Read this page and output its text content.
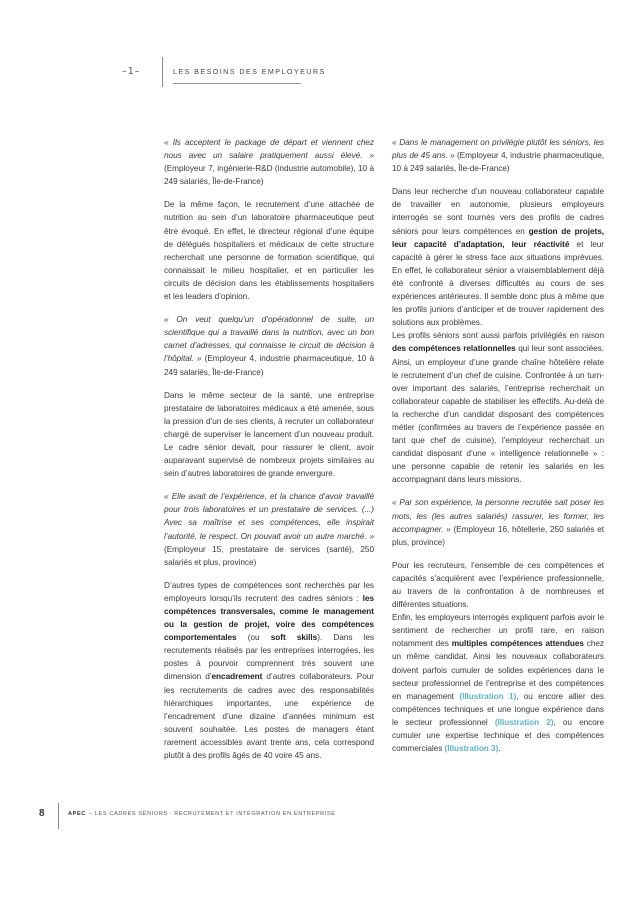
–1–	LES BESOINS DES EMPLOYEURS

« Ils acceptent le package de départ et viennent chez nous avec un salaire pratiquement aussi élevé. » (Employeur 7, ingénierie-R&D (industrie automobile), 10 à 249 salariés, Île-de-France)

De la même façon, le recrutement d’une attachée de nutrition au sein d’un laboratoire pharmaceutique peut être évoqué. En effet, le directeur régional d’une équipe de délégués hospitaliers et médicaux de cette structure recherchait une personne de formation scientifique, qui connaissait le milieu hospitalier, et en particulier les circuits de décision dans les établissements hospitaliers et les leaders d’opinion.

« On veut quelqu’un d’opérationnel de suite, un scientifique qui a travaillé dans la nutrition, avec un bon carnet d’adresses, qui connaisse le circuit de décision à l’hôpital. » (Employeur 4, industrie pharmaceutique, 10 à 249 salariés, Île-de-France)

Dans le même secteur de la santé, une entreprise prestataire de laboratoires médicaux a été amenée, sous la pression d’un de ses clients, à recruter un collaborateur chargé de superviser le lancement d’un nouveau produit. Le cadre sénior devait, pour rassurer le client, avoir auparavant supervisé de nombreux projets similaires au sein d’autres laboratoires de grande envergure.

« Elle avait de l’expérience, et la chance d’avoir travaillé pour trois laboratoires et un prestataire de services. (...) Avec sa maîtrise et ses compétences, elle inspirait l’autorité, le respect. On pouvait avoir un autre marché. » (Employeur 15, prestataire de services (santé), 250 salariés et plus, province)

D’autres types de compétences sont recherchés par les employeurs lorsqu’ils recrutent des cadres séniors : les compétences transversales, comme le management ou la gestion de projet, voire des compétences comportementales (ou soft skills). Dans les recrutements réalisés par les entreprises interrogées, les postes à pourvoir comprennent très souvent une dimension d’encadrement d’autres collaborateurs. Pour les recrutements de cadres avec des responsabilités hiérarchiques importantes, une expérience de l’encadrement d’une dizaine d’années minimum est souvent souhaitée. Les postes de managers étant rarement accessibles avant trente ans, cela correspond plutôt à des profils âgés de 40 voire 45 ans.

« Dans le management on privilégie plutôt les séniors, les plus de 45 ans. » (Employeur 4, industrie pharmaceutique, 10 à 249 salariés, Île-de-France)

Dans leur recherche d’un nouveau collaborateur capable de travailler en autonomie, plusieurs employeurs interrogés se sont tournés vers des profils de cadres séniors pour leurs compétences en gestion de projets, leur capacité d’adaptation, leur réactivité et leur capacité à gérer le stress face aux situations imprévues. En effet, le collaborateur sénior a vraisemblablement déjà été confronté à diverses difficultés au cours de ses expériences antérieures. Il semble donc plus à même que les profils juniors d’anticiper et de trouver rapidement des solutions aux problèmes.

Les profils séniors sont aussi parfois privilégiés en raison des compétences relationnelles qui leur sont associées. Ainsi, un employeur d’une grande chaîne hôtelière relate le recrutement d’un chef de cuisine. Confrontée à un turn-over important des salariés, l’entreprise recherchait un collaborateur capable de stabiliser les effectifs. Au-delà de la recherche d’un candidat disposant des compétences métier (confirmées au travers de l’expérience passée en tant que chef de cuisine), l’employeur recherchait un candidat disposant d’une « intelligence relationnelle » : une personne capable de retenir les salariés en les accompagnant dans leurs missions.

« Par son expérience, la personne recrutée sait poser les mots, les (les autres salariés) rassurer, les former, les accompagner. » (Employeur 16, hôtellerie, 250 salariés et plus, province)

Pour les recruteurs, l’ensemble de ces compétences et capacités s’acquièrent avec l’expérience professionnelle, au travers de la confrontation à de nombreuses et différentes situations.

Enfin, les employeurs interrogés expliquent parfois avoir le sentiment de rechercher un profil rare, en raison notamment des multiples compétences attendues chez un même candidat. Ainsi les nouveaux collaborateurs doivent parfois cumuler de solides expériences dans le secteur professionnel de l’entreprise et des compétences en management (Illustration 1), ou encore allier des compétences techniques et une longue expérience dans le secteur professionnel (Illustration 2), ou encore cumuler une expertise technique et des compétences commerciales (Illustration 3).

8	APEC – LES CADRES SÉNIORS : RECRUTEMENT ET INTÉGRATION EN ENTREPRISE
